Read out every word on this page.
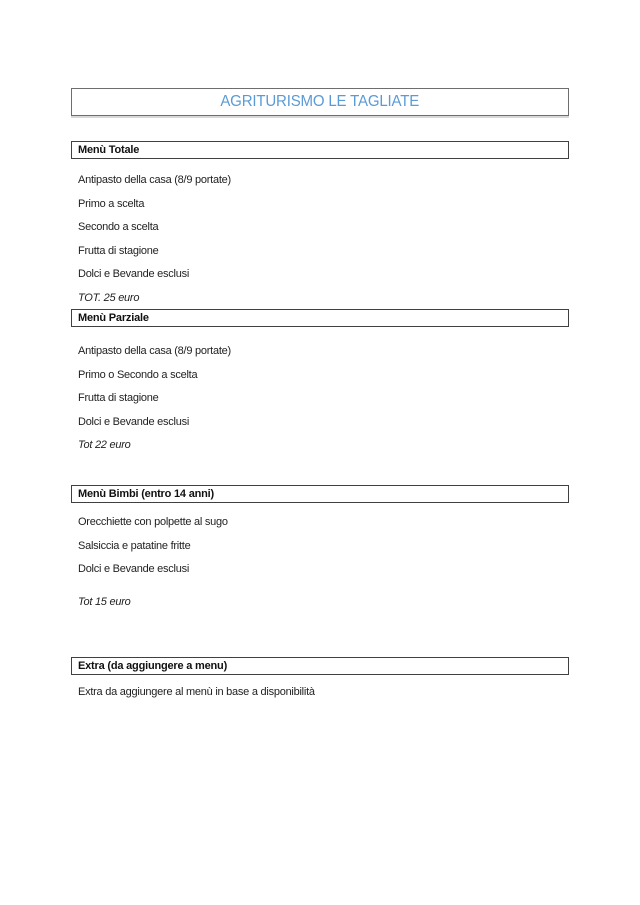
AGRITURISMO LE TAGLIATE
Menù Totale

Antipasto della casa (8/9 portate)

Primo a scelta

Secondo a scelta

Frutta di stagione

Dolci e Bevande esclusi

TOT. 25 euro

Menù Parziale

Antipasto della casa (8/9 portate)

Primo o Secondo a scelta

Frutta di stagione

Dolci e Bevande esclusi

Tot 22 euro

Menù Bimbi (entro 14 anni)

Orecchiette con polpette al sugo

Salsiccia e patatine fritte

Dolci e Bevande esclusi

Tot 15 euro

Extra (da aggiungere a menu)

Extra da aggiungere al menù in base a disponibilità
